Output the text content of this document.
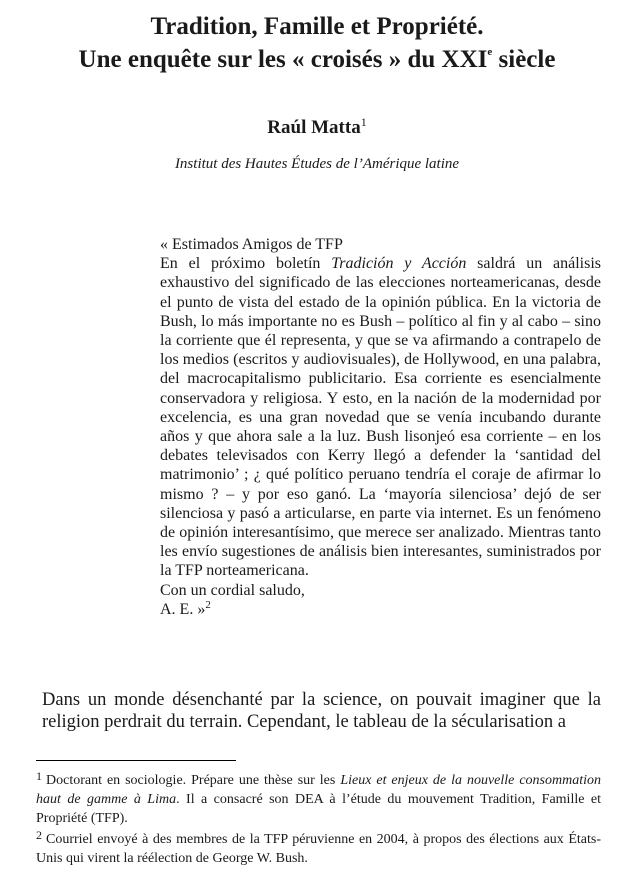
Tradition, Famille et Propriété.
Une enquête sur les « croisés » du XXIe siècle
Raúl Matta$^1$
Institut des Hautes Études de l’Amérique latine
« Estimados Amigos de TFP
En el próximo boletín Tradición y Acción saldrá un análisis exhaustivo del significado de las elecciones norteamericanas, desde el punto de vista del estado de la opinión pública. En la victoria de Bush, lo más importante no es Bush – político al fin y al cabo – sino la corriente que él representa, y que se va afirmando a contrapelo de los medios (escritos y audiovisuales), de Hollywood, en una palabra, del macrocapitalismo publicitario. Esa corriente es esencialmente conservadora y religiosa. Y esto, en la nación de la modernidad por excelencia, es una gran novedad que se venía incubando durante años y que ahora sale a la luz. Bush lisonjeó esa corriente – en los debates televisados con Kerry llegó a defender la ‘santidad del matrimonio’ ; ¿ qué político peruano tendría el coraje de afirmar lo mismo ? – y por eso ganó. La ‘mayoría silenciosa’ dejó de ser silenciosa y pasó a articularse, en parte via internet. Es un fenómeno de opinión interesantísimo, que merece ser analizado. Mientras tanto les envío sugestiones de análisis bien interesantes, suministrados por la TFP norteamericana.
Con un cordial saludo,
A. E. »$^2$
Dans un monde désenchanté par la science, on pouvait imaginer que la religion perdrait du terrain. Cependant, le tableau de la sécularisation a
1 Doctorant en sociologie. Prépare une thèse sur les Lieux et enjeux de la nouvelle consommation haut de gamme à Lima. Il a consacré son DEA à l’étude du mouvement Tradition, Famille et Propriété (TFP).
2 Courriel envoyé à des membres de la TFP péruvienne en 2004, à propos des élections aux États-Unis qui virent la réélection de George W. Bush.
